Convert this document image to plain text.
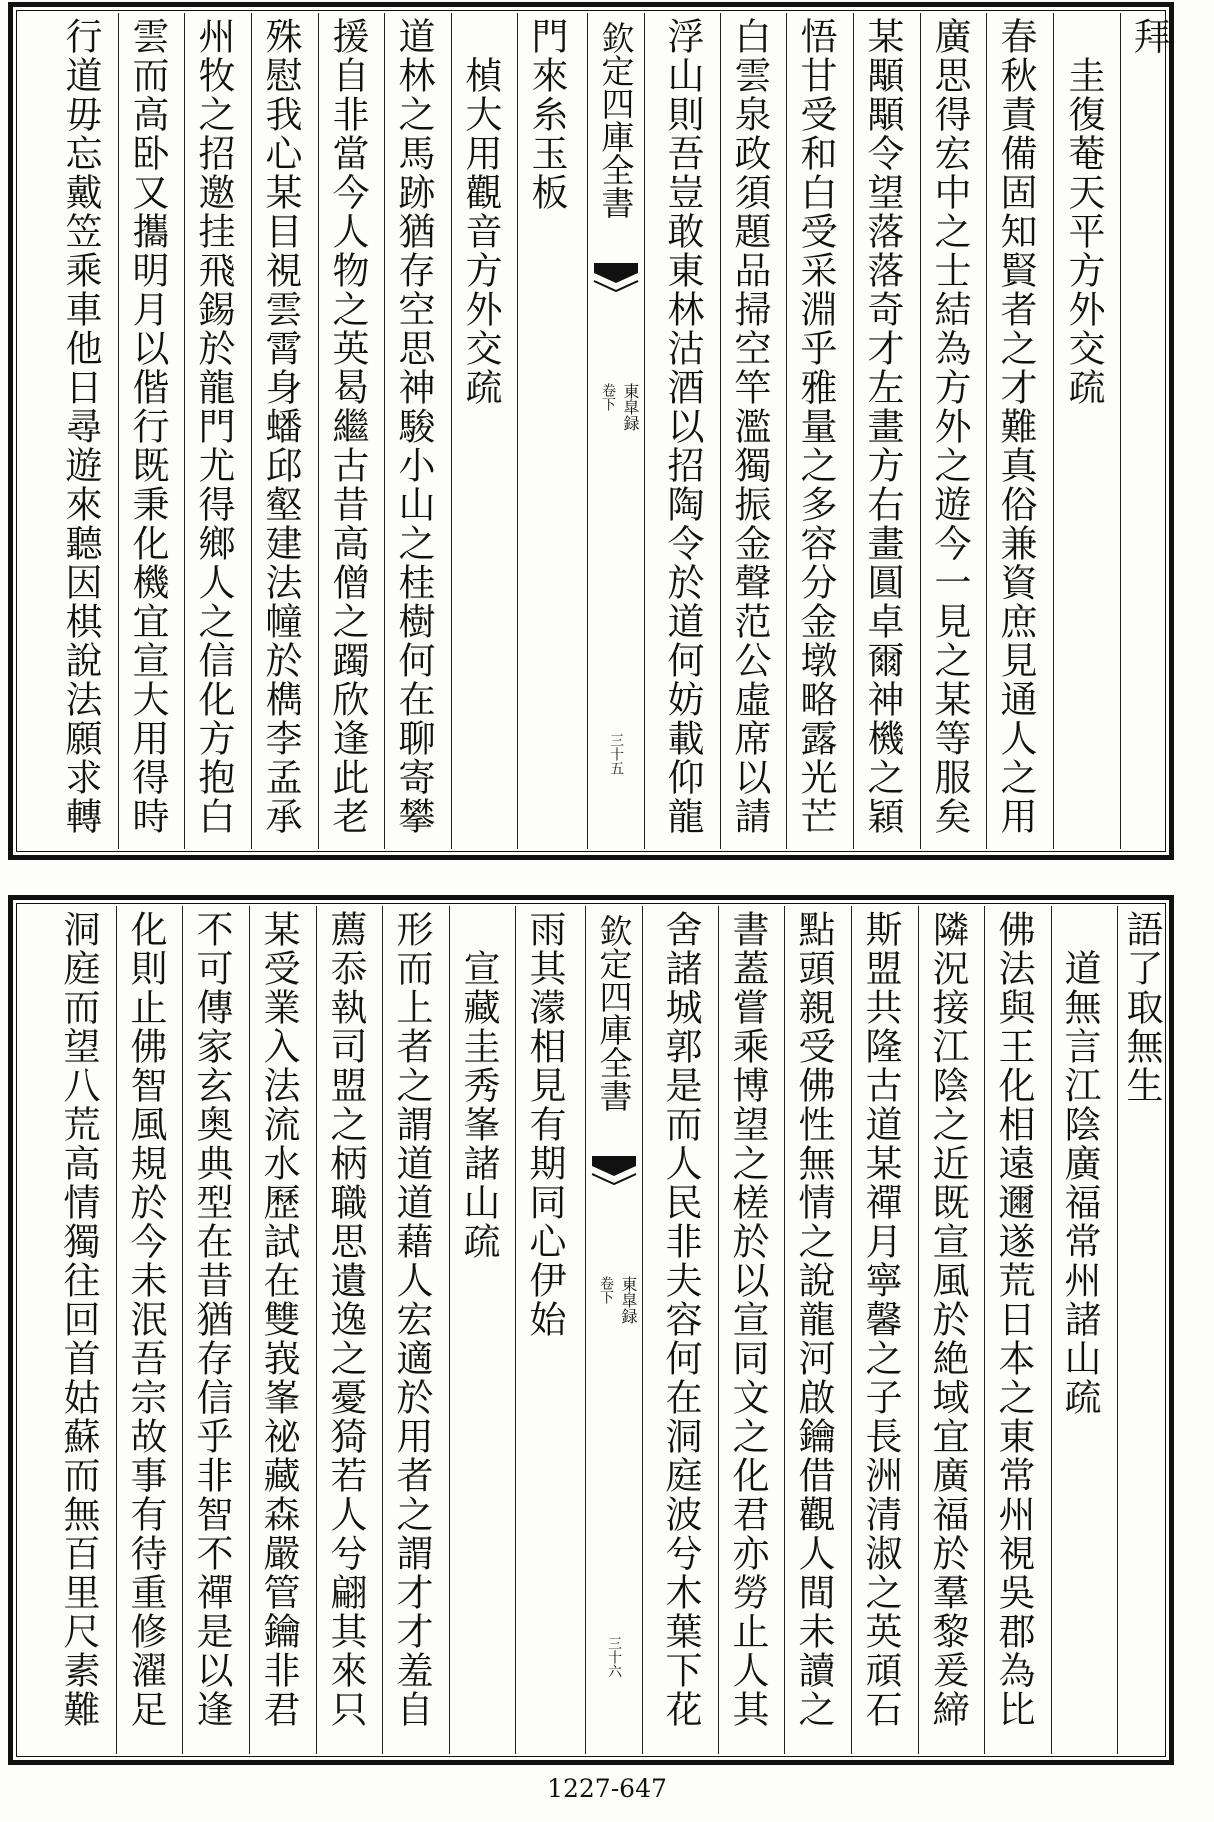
拜
　圭復菴天平方外交疏
春秋責備固知賢者之才難真俗兼資庶見通人之用
廣思得宏中之士結為方外之遊今一見之某等服矣
某顒顒令望落落奇才左畫方右畫圓卓爾神機之穎
悟甘受和白受采淵乎雅量之多容分金墩略露光芒
白雲泉政須題品掃空竿濫獨振金聲范公虛席以請
浮山則吾豈敢東林沽酒以招陶令於道何妨載仰龍
欽定四庫全書
東皐録
卷下
三十五
門來糸玉板
　楨大用觀音方外交疏
道林之馬跡猶存空思神駿小山之桂樹何在聊寄攀
援自非當今人物之英曷繼古昔高僧之躅欣逢此老
殊慰我心某目視雲霄身蟠邱壑建法幢於檇李孟承
州牧之招邀挂飛錫於龍門尤得鄉人之信化方抱白
雲而高卧又攜明月以偕行既秉化機宜宣大用得時
行道毋忘戴笠乘車他日尋遊來聽因棋說法願求轉
語了取無生
　道無言江陰廣福常州諸山疏
佛法與王化相遠邇遂荒日本之東常州視吳郡為比
隣況接江陰之近既宣風於絶域宜廣福於羣黎爰締
斯盟共隆古道某禪月寧馨之子長洲清淑之英頑石
點頭親受佛性無情之說龍河啟鑰借觀人間未讀之
書蓋嘗乘博望之槎於以宣同文之化君亦勞止人其
舍諸城郭是而人民非夫容何在洞庭波兮木葉下花
欽定四庫全書
東皐録
卷下
三十六
雨其濛相見有期同心伊始
　宣藏圭秀峯諸山疏
形而上者之謂道道藉人宏適於用者之謂才才羞自
薦忝執司盟之柄職思遺逸之憂猗若人兮翩其來只
某受業入法流水歷試在雙峩峯祕藏森嚴管鑰非君
不可傳家玄奥典型在昔猶存信乎非智不禪是以逢
化則止佛智風規於今未泯吾宗故事有待重修濯足
洞庭而望八荒高情獨往回首姑蘇而無百里尺素難
1227-647
